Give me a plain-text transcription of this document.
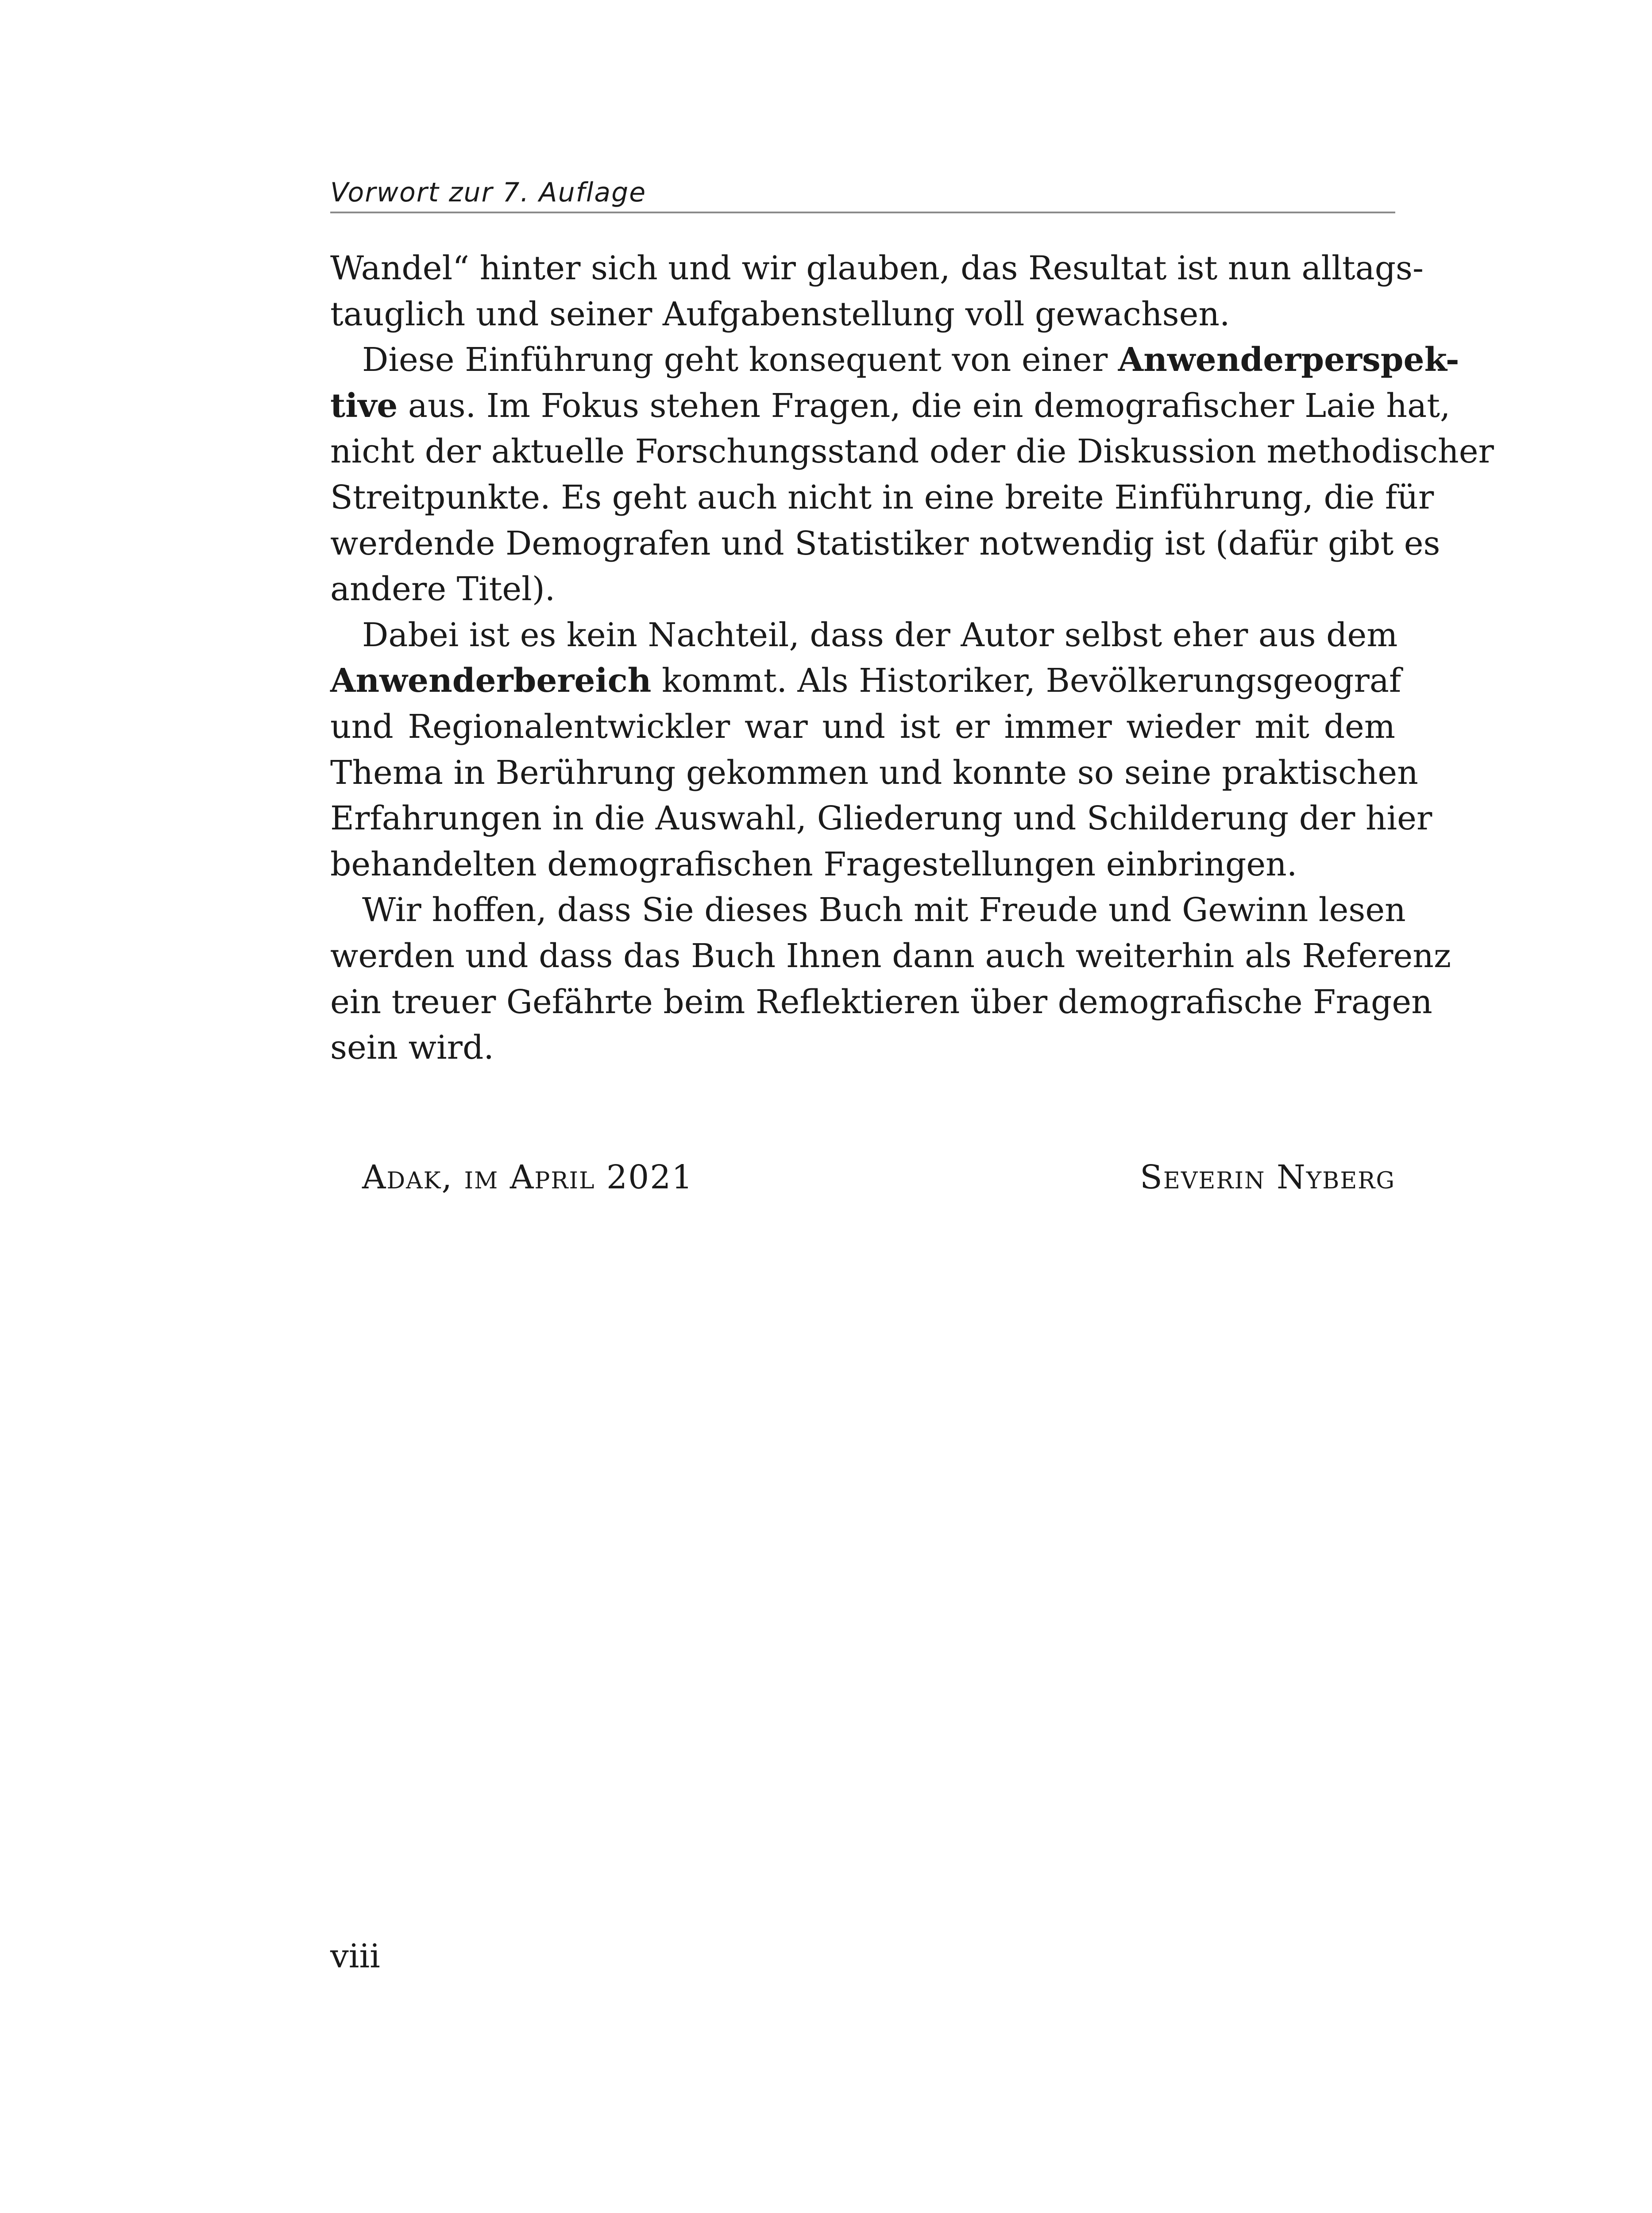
Vorwort zur 7. Auflage
Wandel“ hinter sich und wir glauben, das Resultat ist nun alltags-
tauglich und seiner Aufgabenstellung voll gewachsen.
Diese Einführung geht konsequent von einer Anwenderperspek-
tive aus. Im Fokus stehen Fragen, die ein demografischer Laie hat,
nicht der aktuelle Forschungsstand oder die Diskussion methodischer
Streitpunkte. Es geht auch nicht in eine breite Einführung, die für
werdende Demografen und Statistiker notwendig ist (dafür gibt es
andere Titel).
Dabei ist es kein Nachteil, dass der Autor selbst eher aus dem
Anwenderbereich kommt. Als Historiker, Bevölkerungsgeograf
und Regionalentwickler war und ist er immer wieder mit dem
Thema in Berührung gekommen und konnte so seine praktischen
Erfahrungen in die Auswahl, Gliederung und Schilderung der hier
behandelten demografischen Fragestellungen einbringen.
Wir hoffen, dass Sie dieses Buch mit Freude und Gewinn lesen
werden und dass das Buch Ihnen dann auch weiterhin als Referenz
ein treuer Gefährte beim Reflektieren über demografische Fragen
sein wird.
Adak, im April 2021	Severin Nyberg
viii
